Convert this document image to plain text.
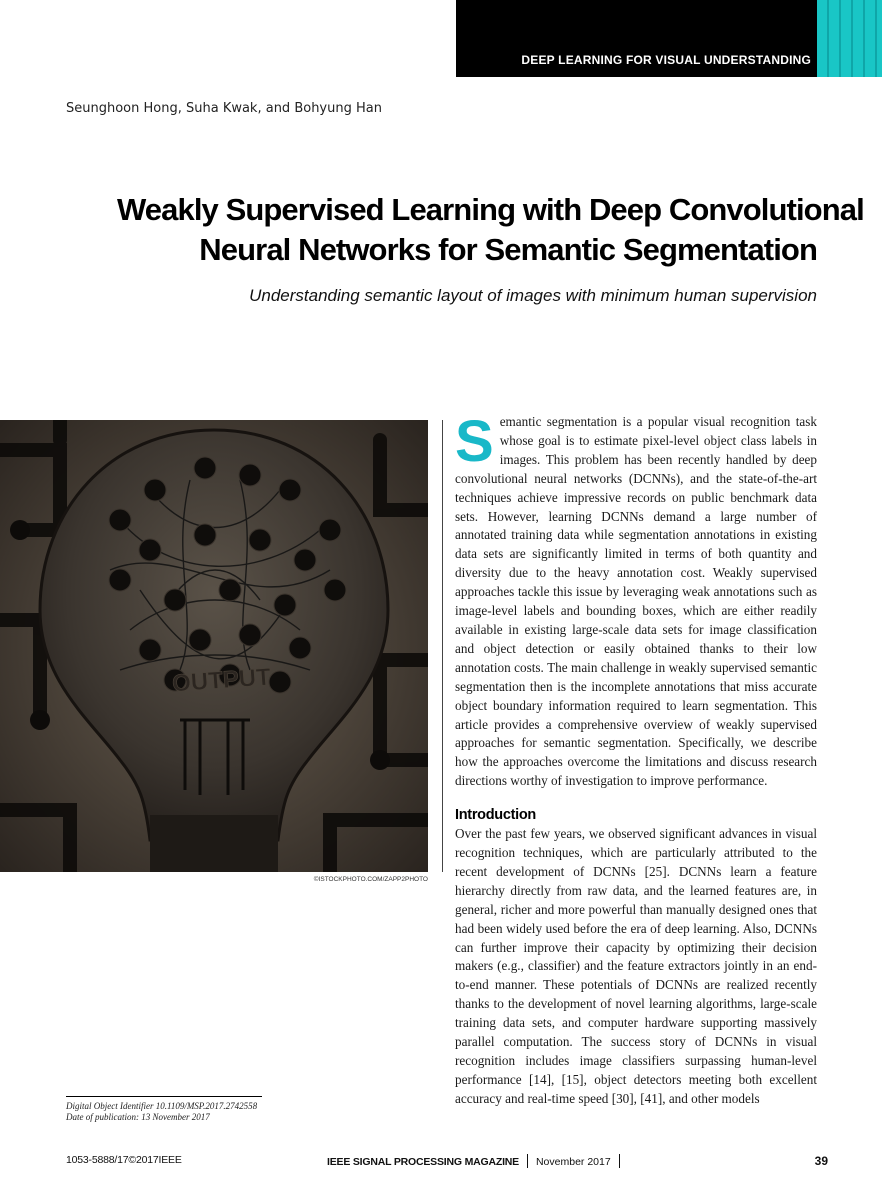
DEEP LEARNING FOR VISUAL UNDERSTANDING
Seunghoon Hong, Suha Kwak, and Bohyung Han
Weakly Supervised Learning with Deep Convolutional
Neural Networks for Semantic Segmentation
Understanding semantic layout of images with minimum human supervision
OUTPUT
©ISTOCKPHOTO.COM/ZAPP2PHOTO

Semantic segmentation is a popular visual recognition task whose goal is to estimate pixel-level object class labels in images. This problem has been recently handled by deep convolutional neural networks (DCNNs), and the state-of-the-art techniques achieve impressive records on public benchmark data sets. However, learning DCNNs demand a large number of annotated training data while segmentation annotations in existing data sets are significantly limited in terms of both quantity and diversity due to the heavy annotation cost. Weakly supervised approaches tackle this issue by leveraging weak annotations such as image-level labels and bounding boxes, which are either readily available in existing large-scale data sets for image classification and object detection or easily obtained thanks to their low annotation costs. The main challenge in weakly supervised semantic segmentation then is the incomplete annotations that miss accurate object boundary information required to learn segmentation. This article provides a comprehensive overview of weakly supervised approaches for semantic segmentation. Specifically, we describe how the approaches overcome the limitations and discuss research directions worthy of investigation to improve performance.

Introduction

Over the past few years, we observed significant advances in visual recognition techniques, which are particularly attributed to the recent development of DCNNs [25]. DCNNs learn a feature hierarchy directly from raw data, and the learned features are, in general, richer and more powerful than manually designed ones that had been widely used before the era of deep learning. Also, DCNNs can further improve their capacity by optimizing their decision makers (e.g., classifier) and the feature extractors jointly in an end-to-end manner. These potentials of DCNNs are realized recently thanks to the development of novel learning algorithms, large-scale training data sets, and computer hardware supporting massively parallel computation. The success story of DCNNs in visual recognition includes image classifiers surpassing human-level performance [14], [15], object detectors meeting both excellent accuracy and real-time speed [30], [41], and other models

Digital Object Identifier 10.1109/MSP.2017.2742558
Date of publication: 13 November 2017
1053-5888/17©2017IEEE	IEEE SIGNAL PROCESSING MAGAZINE November 2017	39
